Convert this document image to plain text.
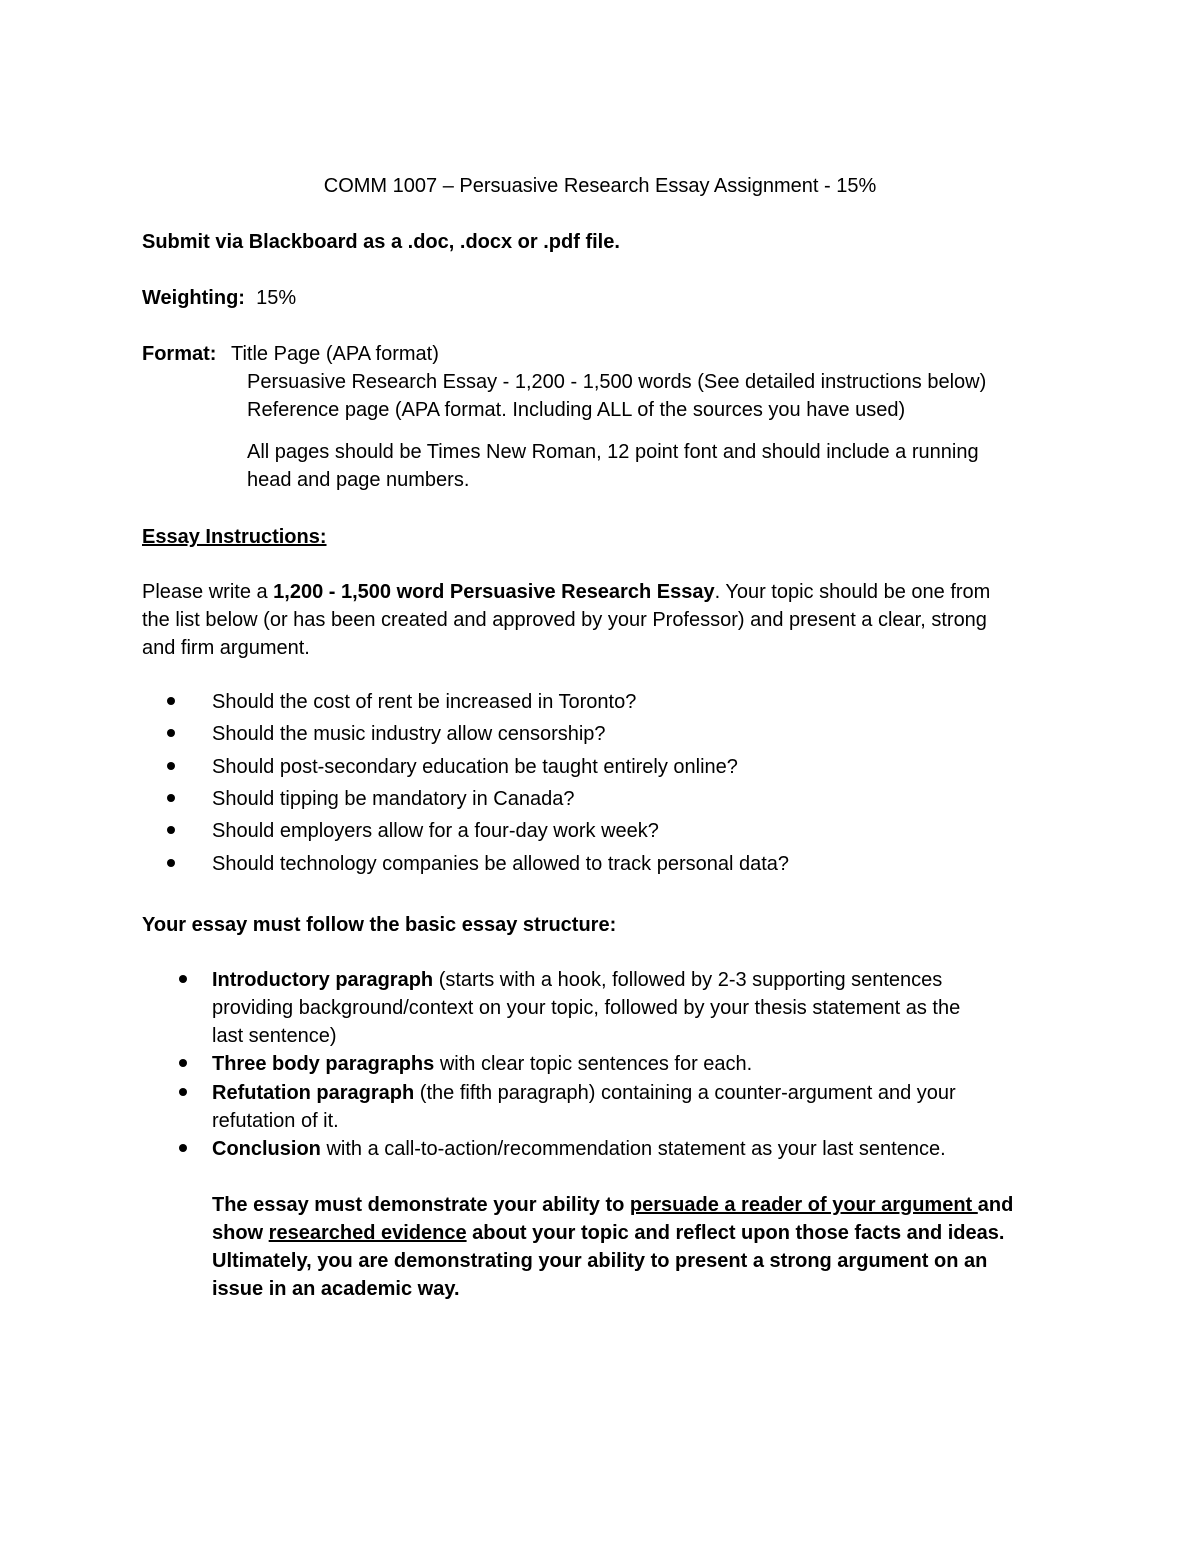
COMM 1007 – Persuasive Research Essay Assignment - 15%
Submit via Blackboard as a .doc, .docx or .pdf file.
Weighting: 15%
Format: Title Page (APA format)
Persuasive Research Essay - 1,200 - 1,500 words (See detailed instructions below)
Reference page (APA format. Including ALL of the sources you have used)
All pages should be Times New Roman, 12 point font and should include a running
head and page numbers.
Essay Instructions:
Please write a 1,200 - 1,500 word Persuasive Research Essay. Your topic should be one from
the list below (or has been created and approved by your Professor) and present a clear, strong
and firm argument.
Should the cost of rent be increased in Toronto?
Should the music industry allow censorship?
Should post-secondary education be taught entirely online?
Should tipping be mandatory in Canada?
Should employers allow for a four-day work week?
Should technology companies be allowed to track personal data?
Your essay must follow the basic essay structure:
Introductory paragraph (starts with a hook, followed by 2-3 supporting sentences
providing background/context on your topic, followed by your thesis statement as the
last sentence)
Three body paragraphs with clear topic sentences for each.
Refutation paragraph (the fifth paragraph) containing a counter-argument and your
refutation of it.
Conclusion with a call-to-action/recommendation statement as your last sentence.
The essay must demonstrate your ability to persuade a reader of your argument and
show researched evidence about your topic and reflect upon those facts and ideas.
Ultimately, you are demonstrating your ability to present a strong argument on an
issue in an academic way.
